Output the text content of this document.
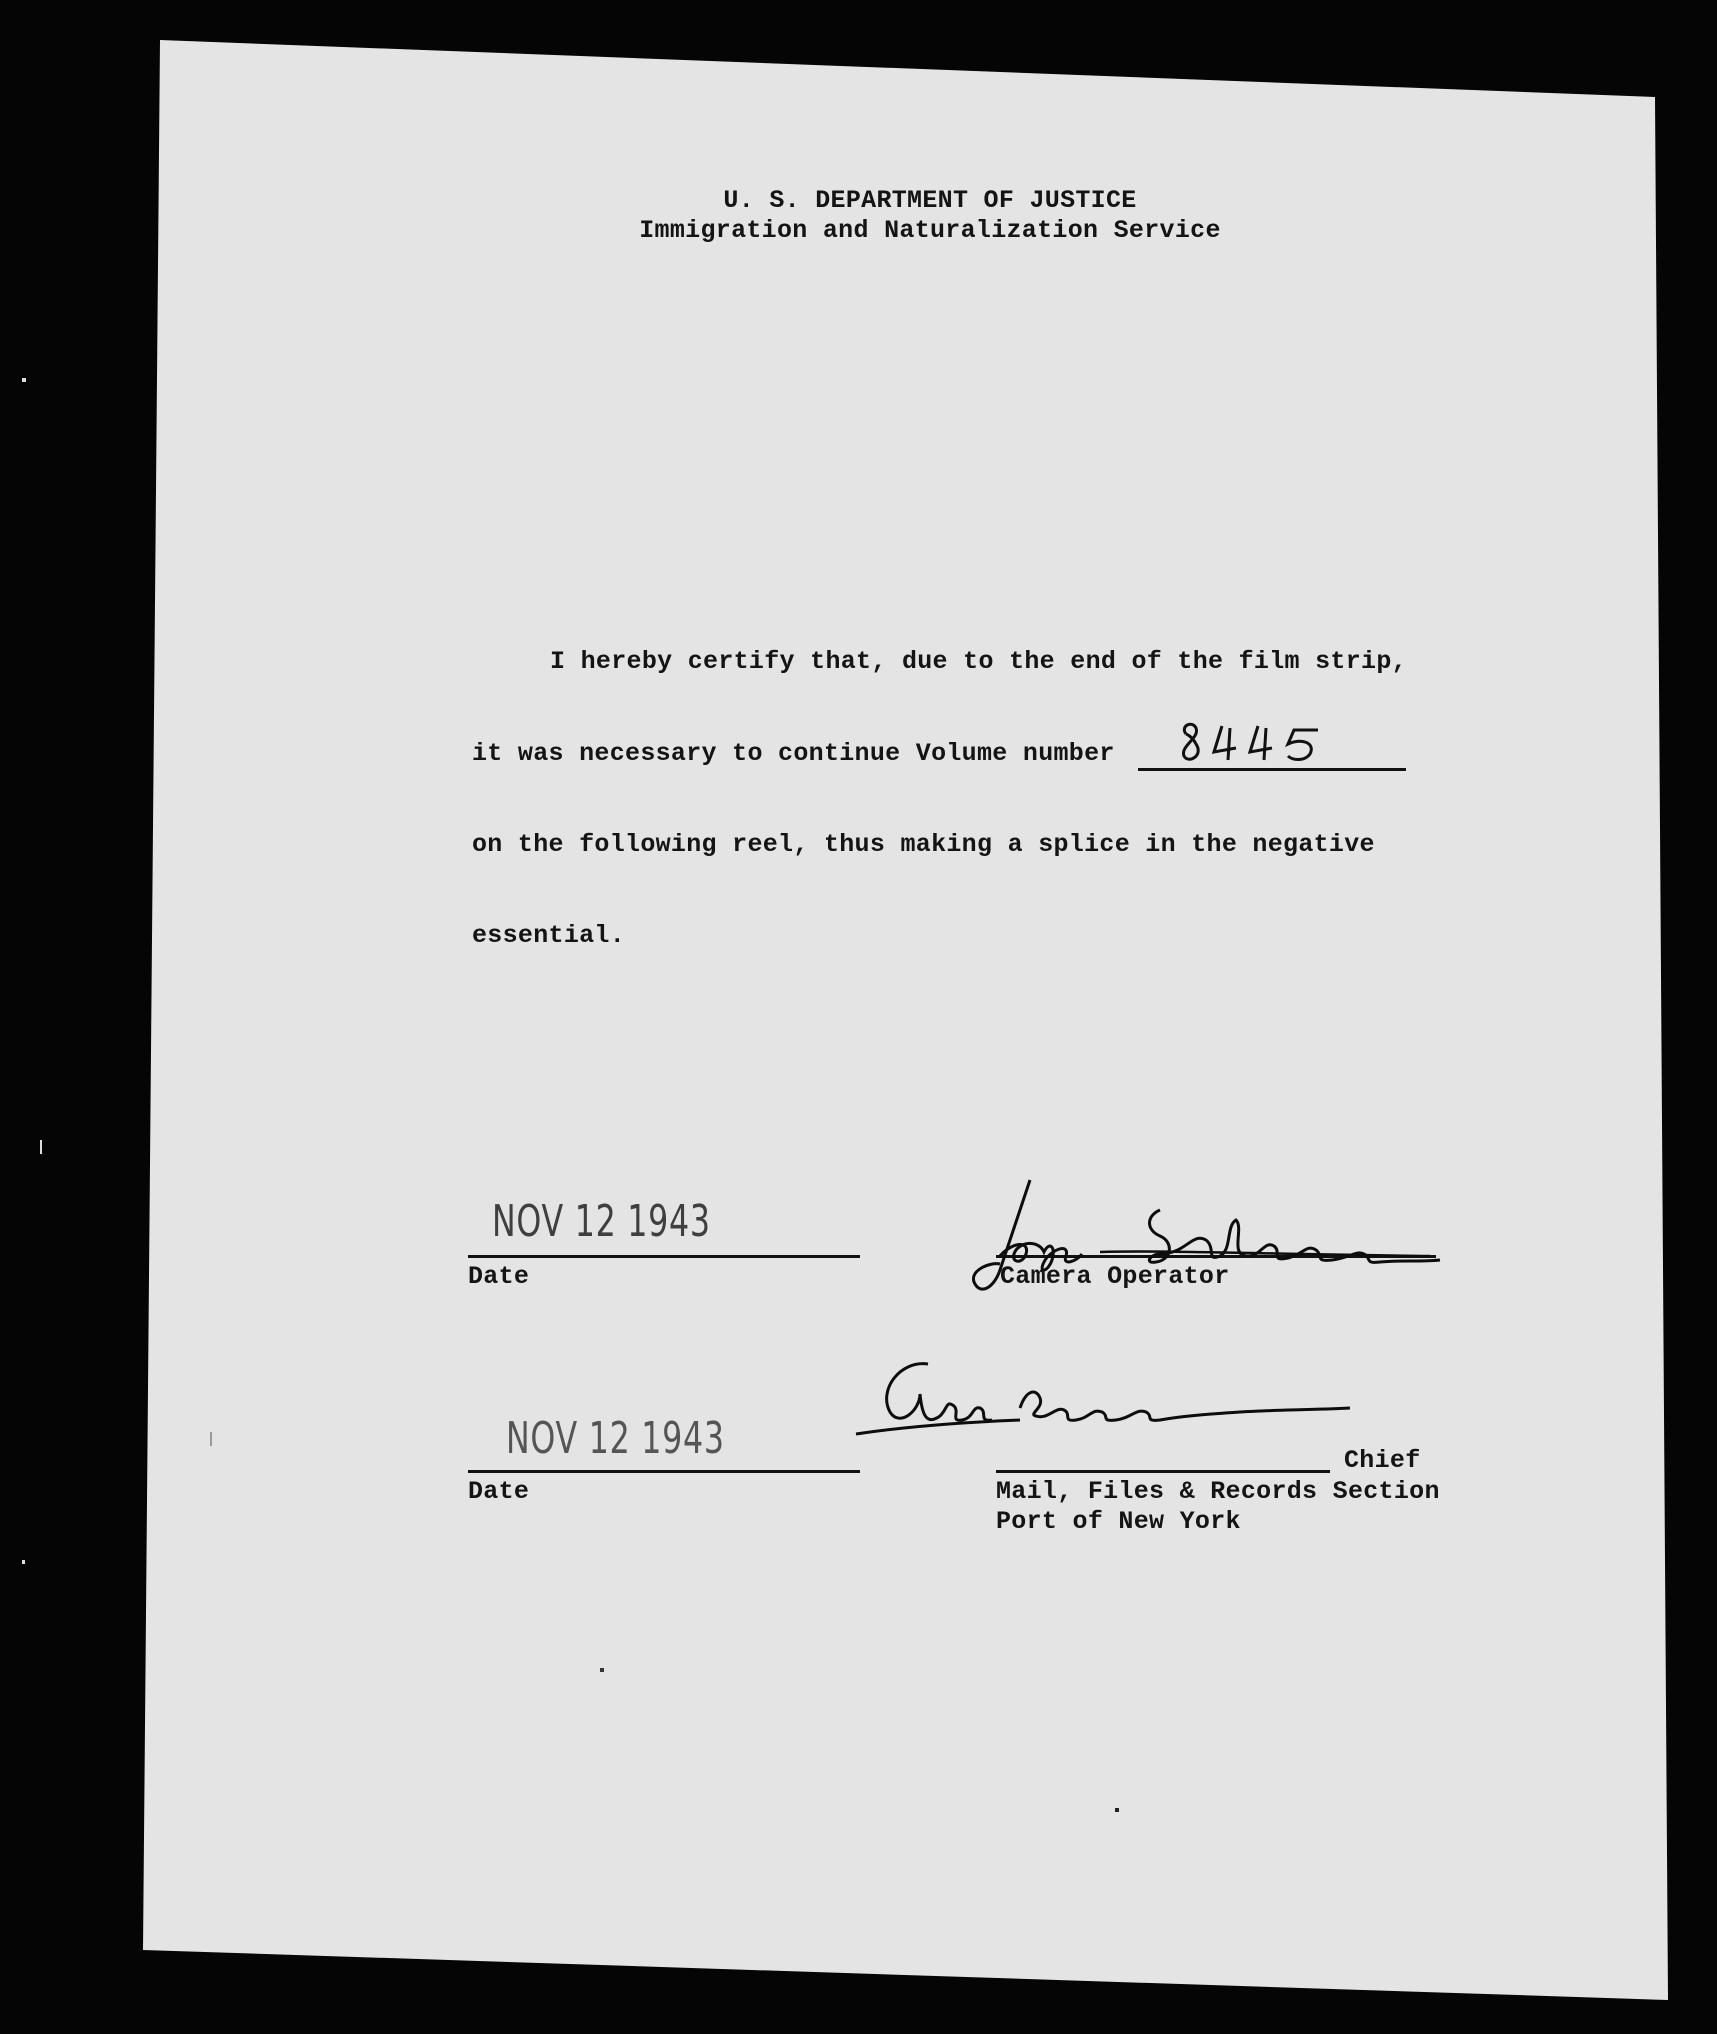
U. S. DEPARTMENT OF JUSTICE
Immigration and Naturalization Service
I hereby certify that, due to the end of the film strip,
it was necessary to continue Volume number
on the following reel, thus making a splice in the negative
essential.
NOV 12 1943
Date	Camera Operator
NOV 12 1943
Date
Chief
Mail, Files & Records Section
Port of New York
